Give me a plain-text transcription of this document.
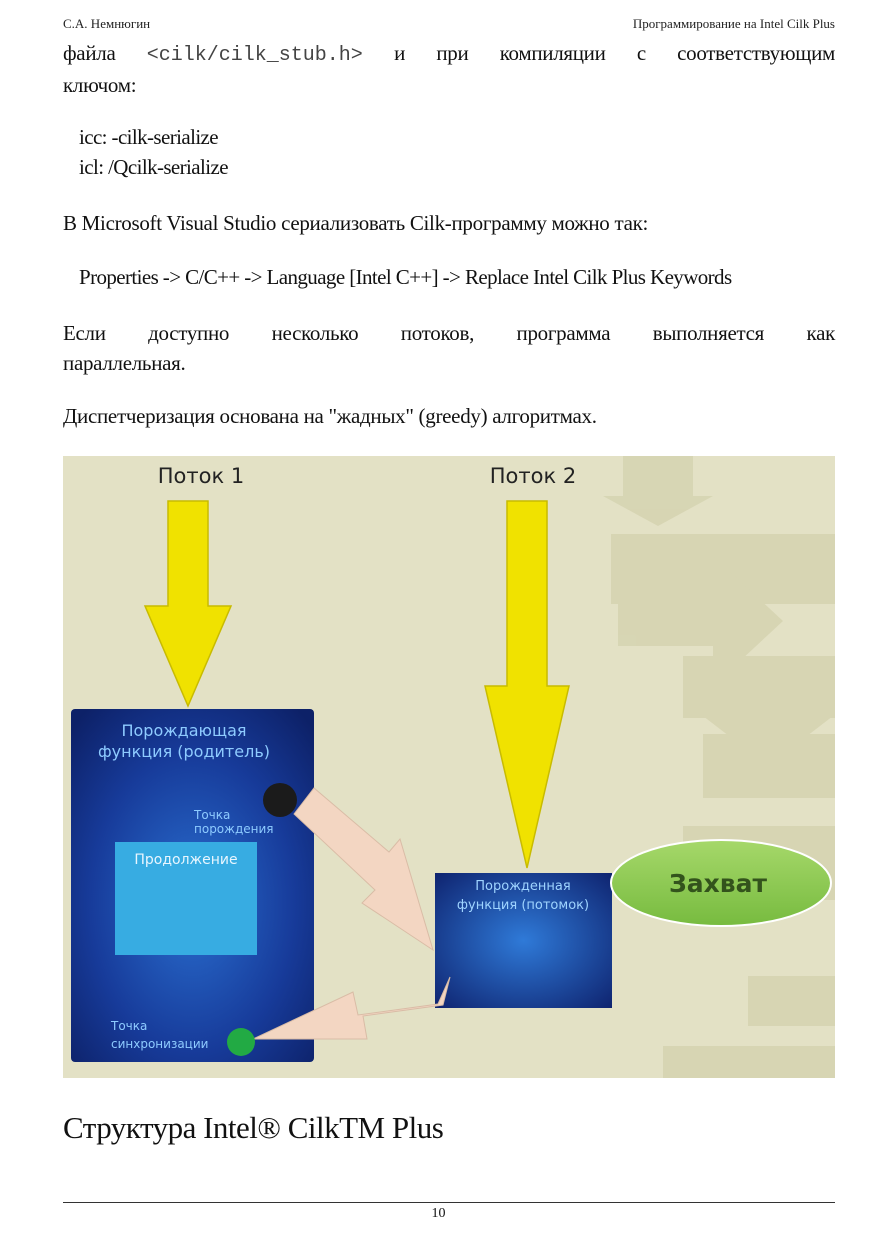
С.А. Немнюгин	Программирование на Intel Cilk Plus
файла <cilk/cilk_stub.h> и при компиляции с соответствующим
ключом:
icc: -cilk-serialize
icl: /Qcilk-serialize
В Microsoft Visual Studio сериализовать Cilk-программу можно так:
Properties -> C/C++ -> Language [Intel C++] -> Replace Intel Cilk Plus Keywords
Если доступно несколько потоков, программа выполняется как
параллельная.
Диспетчеризация основана на "жадных" (greedy) алгоритмах.
Поток 1	Поток 2
Порождающая
функция (родитель)
Точка
порождения
Продолжение
Точка
синхронизации
Порожденная
функция (потомок)
Захват
Структура Intel® CilkTM Plus
10
